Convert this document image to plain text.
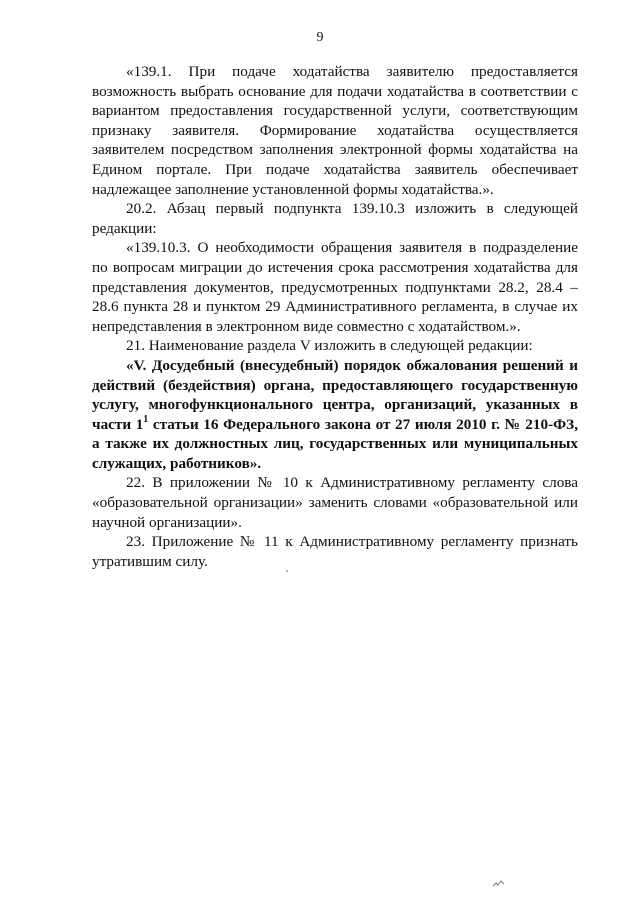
9

«139.1. При подаче ходатайства заявителю предоставляется возможность выбрать основание для подачи ходатайства в соответствии с вариантом предоставления государственной услуги, соответствующим признаку заявителя. Формирование ходатайства осуществляется заявителем посредством заполнения электронной формы ходатайства на Едином портале. При подаче ходатайства заявитель обеспечивает надлежащее заполнение установленной формы ходатайства.».

20.2. Абзац первый подпункта 139.10.3 изложить в следующей редакции:

«139.10.3. О необходимости обращения заявителя в подразделение по вопросам миграции до истечения срока рассмотрения ходатайства для представления документов, предусмотренных подпунктами 28.2, 28.4 – 28.6 пункта 28 и пунктом 29 Административного регламента, в случае их непредставления в электронном виде совместно с ходатайством.».

21. Наименование раздела V изложить в следующей редакции:

«V. Досудебный (внесудебный) порядок обжалования решений и действий (бездействия) органа, предоставляющего государственную услугу, многофункционального центра, организаций, указанных в части $1^1$ статьи 16 Федерального закона от 27 июля 2010 г. № 210-ФЗ, а также их должностных лиц, государственных или муниципальных служащих, работников».

22. В приложении № 10 к Административному регламенту слова «образовательной организации» заменить словами «образовательной или научной организации».

23. Приложение № 11 к Административному регламенту признать утратившим силу.
